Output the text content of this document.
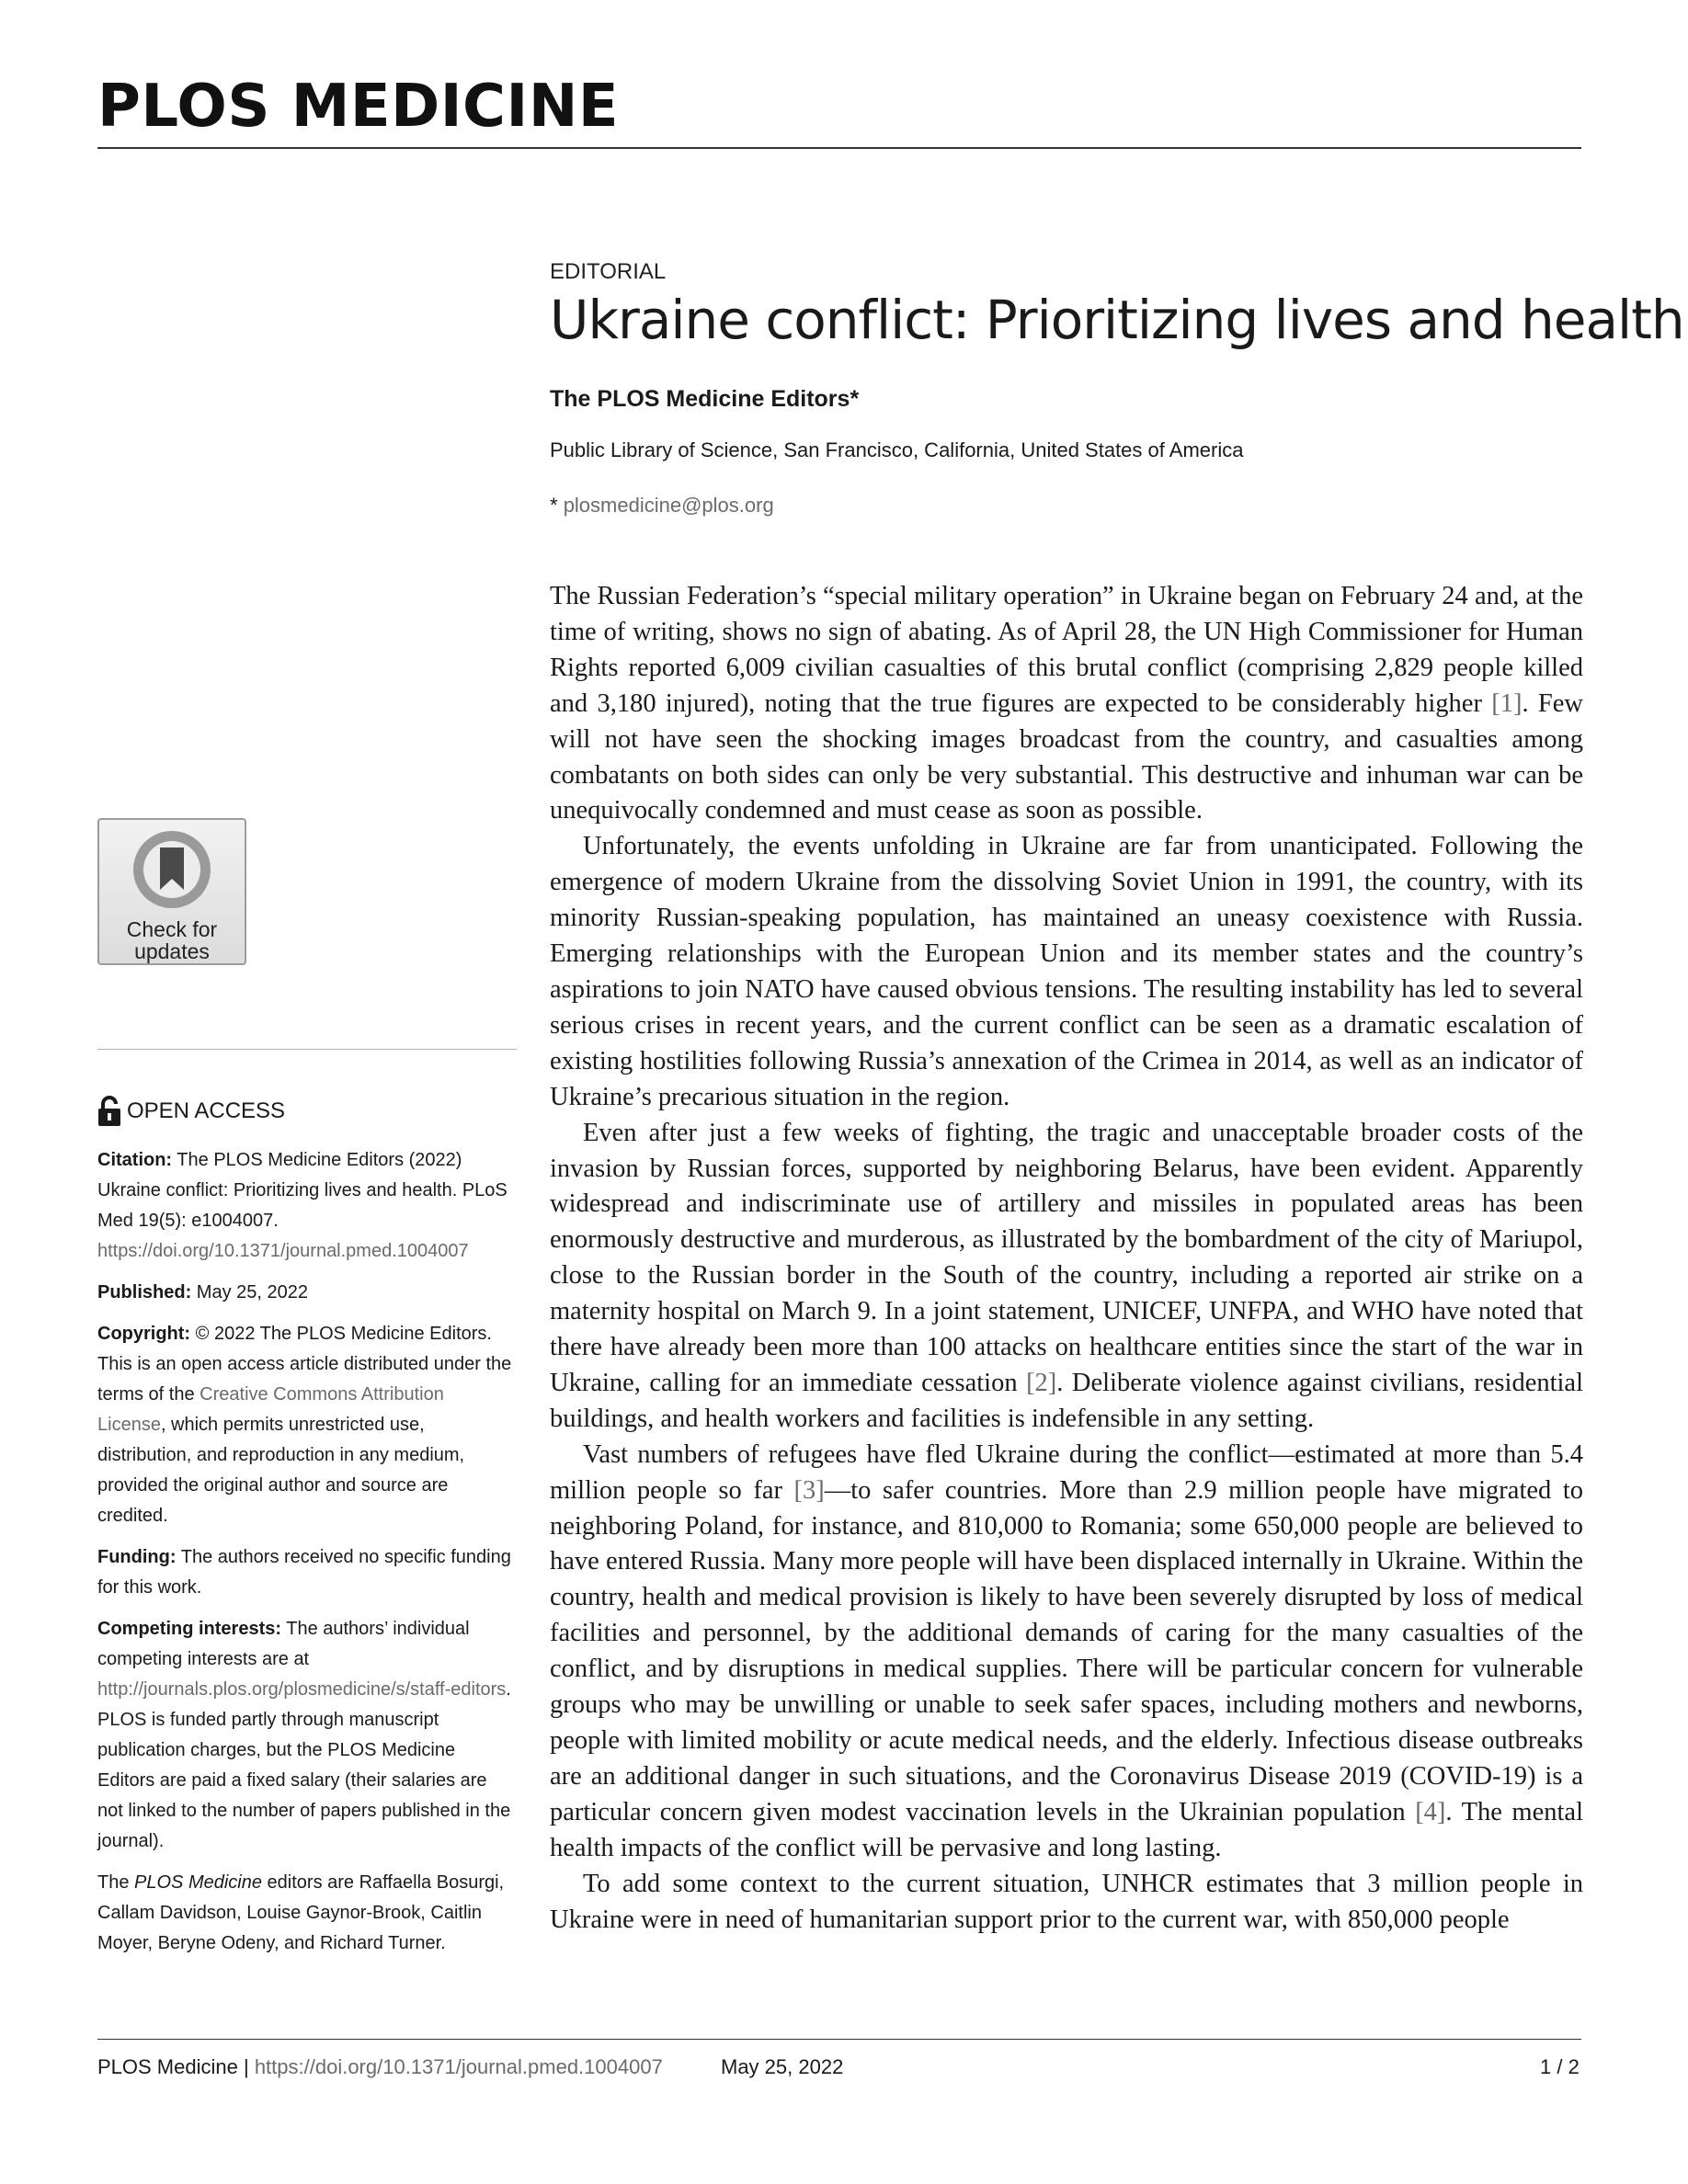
PLOS MEDICINE
EDITORIAL
Ukraine conflict: Prioritizing lives and health
The PLOS Medicine Editors*
Public Library of Science, San Francisco, California, United States of America
* plosmedicine@plos.org

The Russian Federation’s “special military operation” in Ukraine began on February 24 and, at the time of writing, shows no sign of abating. As of April 28, the UN High Commissioner for Human Rights reported 6,009 civilian casualties of this brutal conflict (comprising 2,829 people killed and 3,180 injured), noting that the true figures are expected to be considerably higher [1]. Few will not have seen the shocking images broadcast from the country, and casualties among combatants on both sides can only be very substantial. This destructive and inhuman war can be unequivocally condemned and must cease as soon as possible.

Unfortunately, the events unfolding in Ukraine are far from unanticipated. Following the emergence of modern Ukraine from the dissolving Soviet Union in 1991, the country, with its minority Russian-speaking population, has maintained an uneasy coexistence with Russia. Emerging relationships with the European Union and its member states and the country’s aspirations to join NATO have caused obvious tensions. The resulting instability has led to several serious crises in recent years, and the current conflict can be seen as a dramatic escalation of existing hostilities following Russia’s annexation of the Crimea in 2014, as well as an indicator of Ukraine’s precarious situation in the region.

Even after just a few weeks of fighting, the tragic and unacceptable broader costs of the invasion by Russian forces, supported by neighboring Belarus, have been evident. Apparently widespread and indiscriminate use of artillery and missiles in populated areas has been enormously destructive and murderous, as illustrated by the bombardment of the city of Mariupol, close to the Russian border in the South of the country, including a reported air strike on a maternity hospital on March 9. In a joint statement, UNICEF, UNFPA, and WHO have noted that there have already been more than 100 attacks on healthcare entities since the start of the war in Ukraine, calling for an immediate cessation [2]. Deliberate violence against civilians, residential buildings, and health workers and facilities is indefensible in any setting.

Vast numbers of refugees have fled Ukraine during the conflict—estimated at more than 5.4 million people so far [3]—to safer countries. More than 2.9 million people have migrated to neighboring Poland, for instance, and 810,000 to Romania; some 650,000 people are believed to have entered Russia. Many more people will have been displaced internally in Ukraine. Within the country, health and medical provision is likely to have been severely disrupted by loss of medical facilities and personnel, by the additional demands of caring for the many casualties of the conflict, and by disruptions in medical supplies. There will be particular concern for vulnerable groups who may be unwilling or unable to seek safer spaces, including mothers and newborns, people with limited mobility or acute medical needs, and the elderly. Infectious disease outbreaks are an additional danger in such situations, and the Coronavirus Disease 2019 (COVID-19) is a particular concern given modest vaccination levels in the Ukrainian population [4]. The mental health impacts of the conflict will be pervasive and long lasting.

To add some context to the current situation, UNHCR estimates that 3 million people in Ukraine were in need of humanitarian support prior to the current war, with 850,000 people

Check for
updates
OPEN ACCESS

Citation: The PLOS Medicine Editors (2022) Ukraine conflict: Prioritizing lives and health. PLoS Med 19(5): e1004007. https://doi.org/10.1371/journal.pmed.1004007

Published: May 25, 2022

Copyright: © 2022 The PLOS Medicine Editors. This is an open access article distributed under the terms of the Creative Commons Attribution License, which permits unrestricted use, distribution, and reproduction in any medium, provided the original author and source are credited.

Funding: The authors received no specific funding for this work.

Competing interests: The authors’ individual competing interests are at http://journals.plos.org/plosmedicine/s/staff-editors. PLOS is funded partly through manuscript publication charges, but the PLOS Medicine Editors are paid a fixed salary (their salaries are not linked to the number of papers published in the journal).

The PLOS Medicine editors are Raffaella Bosurgi, Callam Davidson, Louise Gaynor-Brook, Caitlin Moyer, Beryne Odeny, and Richard Turner.

PLOS Medicine | https://doi.org/10.1371/journal.pmed.1004007	May 25, 2022	1 / 2
